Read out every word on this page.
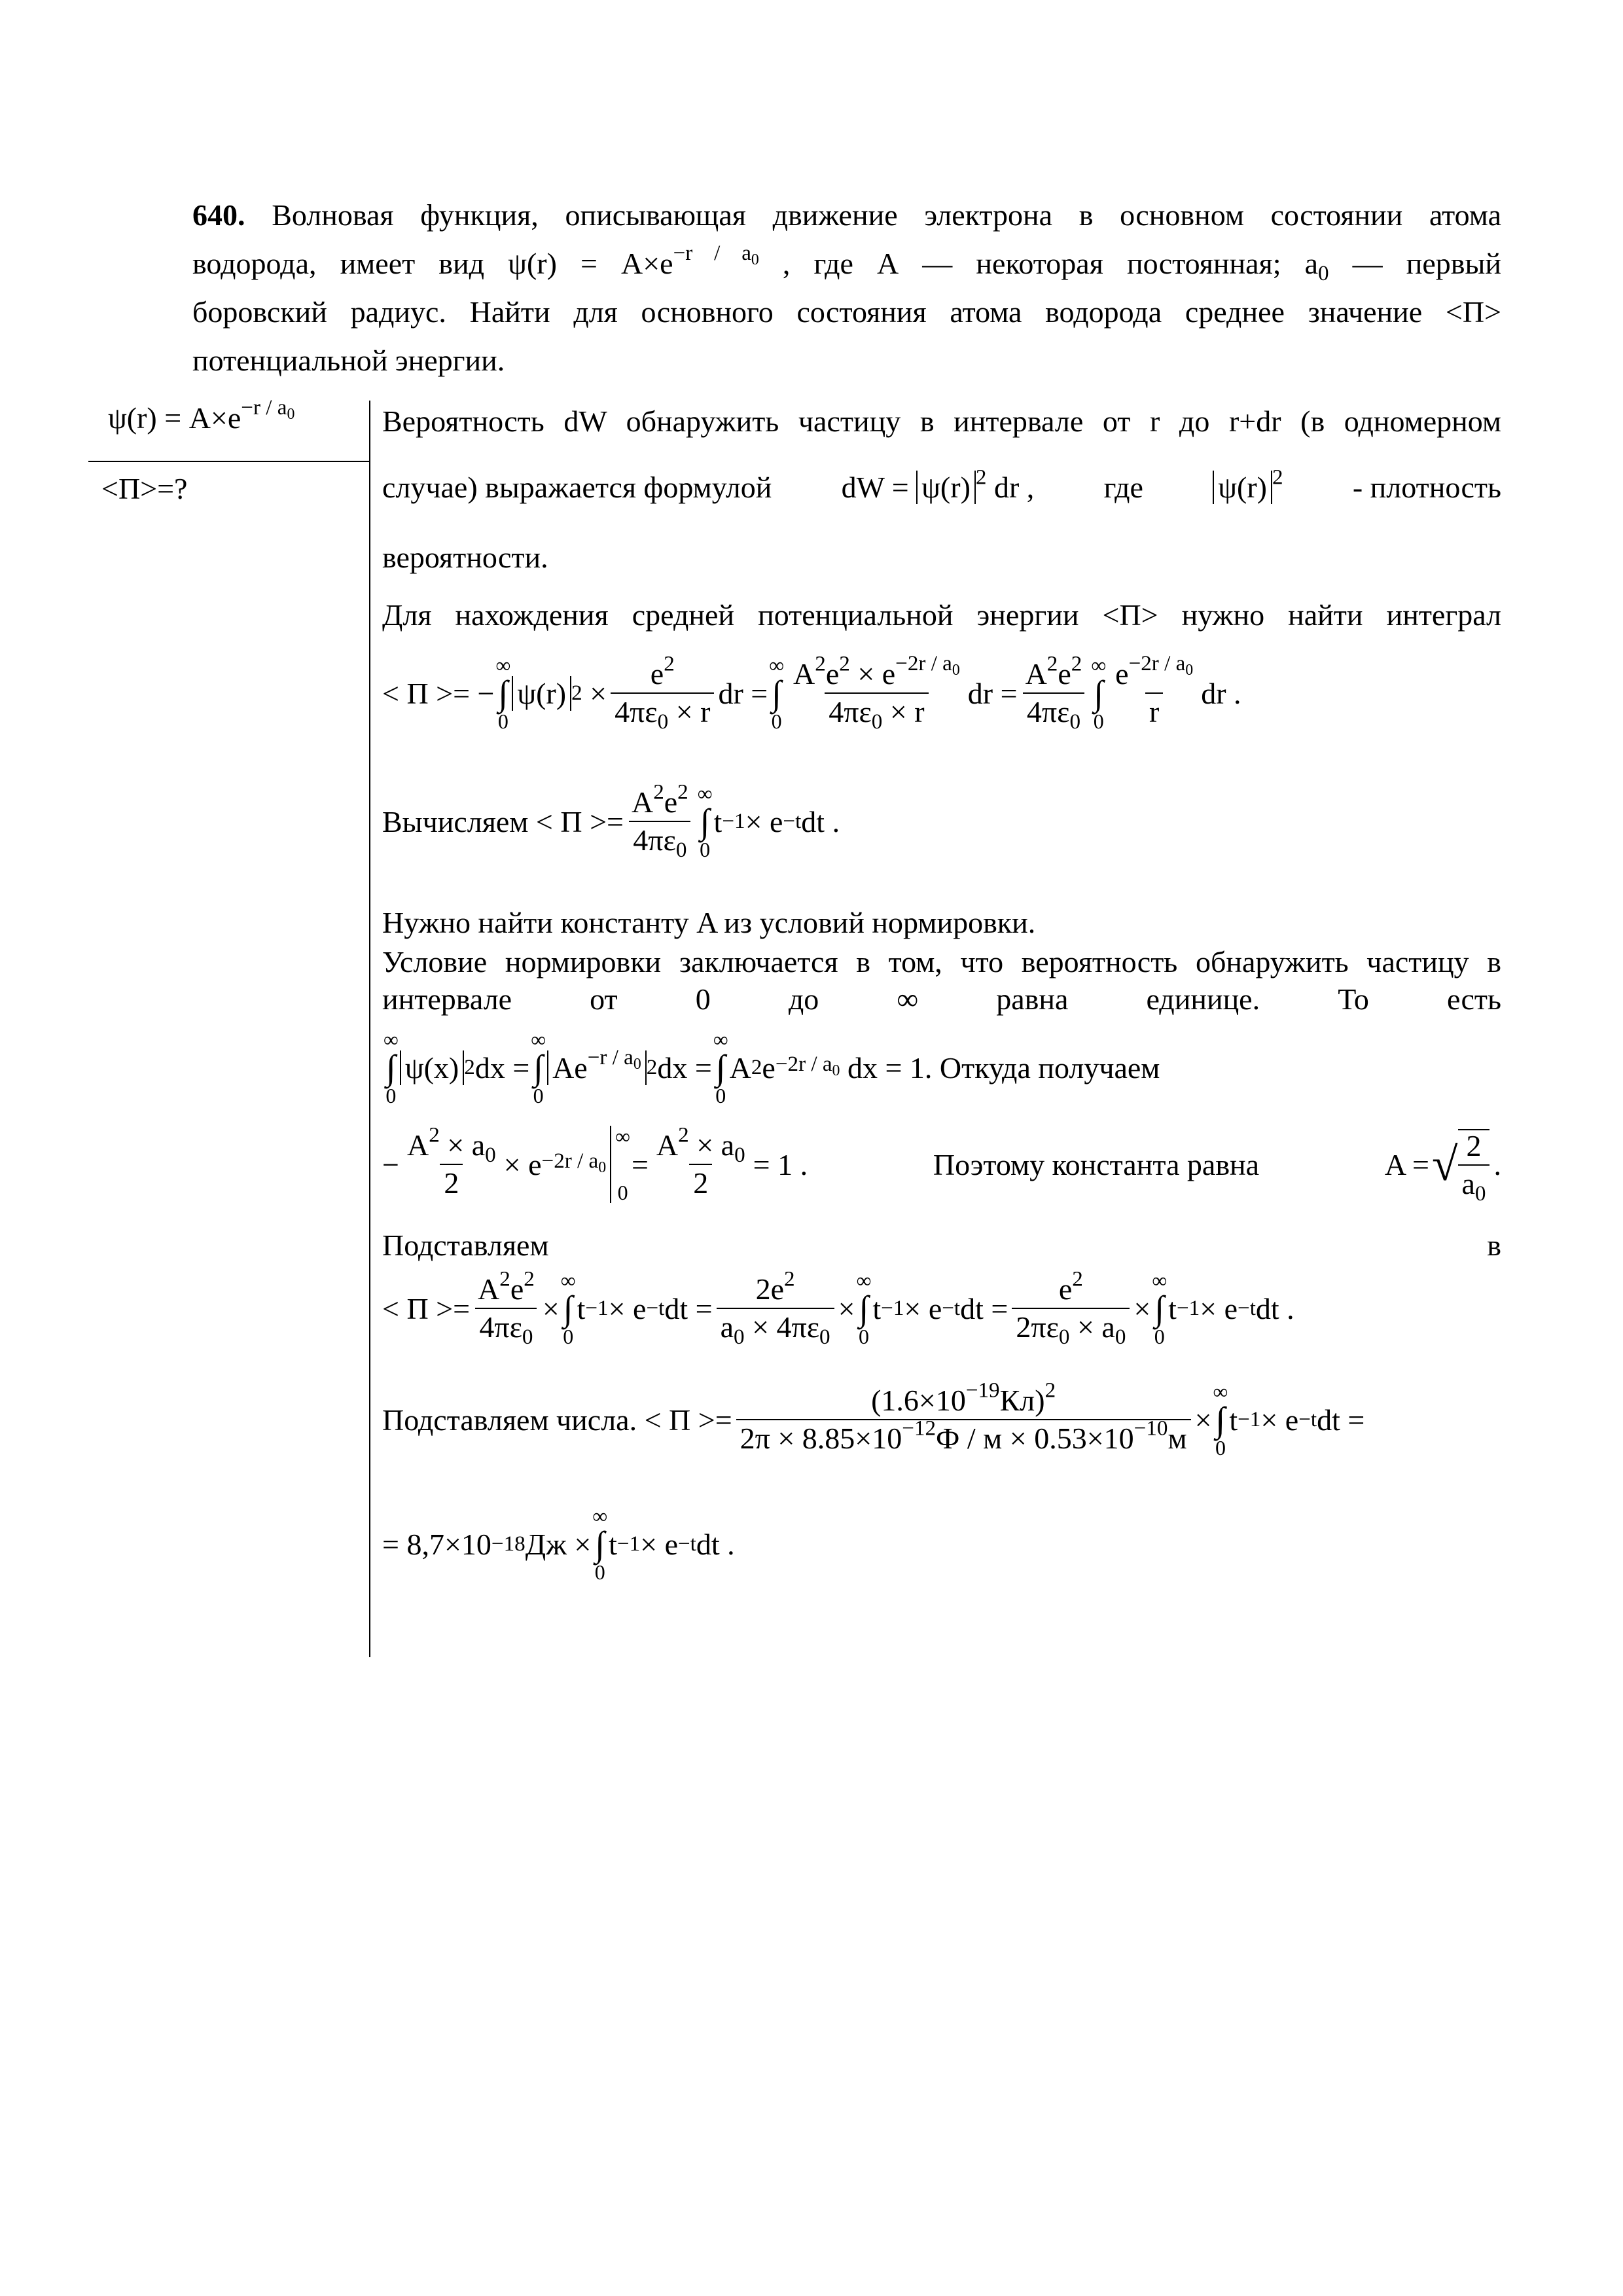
640. Волновая функция, описывающая движение электрона в основном состоянии атома
водорода, имеет вид $\psi(r) = A\times e^{-r / a_0}$ , где А — некоторая постоянная; $a_0$ — первый
боровский радиус. Найти для основного состояния атома водорода среднее значение <П>
потенциальной энергии.
$\psi(r) = A\times e^{-r / a_0}$
<П>=?
Вероятность dW обнаружить частицу в интервале от r до r+dr (в одномерном
случае) выражается формулой dW = ψ(r) $^2$ dr , где ψ(r) $^2$ - плотность
вероятности.
Для нахождения средней потенциальной энергии <П> нужно найти интеграл
< П >= −
∞
∫
0
ψ(r) $2 \times \frac{e^2}{4\pi\varepsilon_0 \times r}$ dr =
∞
∫
$0 \frac{A^2e^2 \times e^{-2r / a_0}}{4\pi\varepsilon_0 \times r}$ dr = $\frac{A^2e^2}{4\pi\varepsilon_0}$ ∞
∫
$0 \frac{e^{-2r / a_0}}{r}$ dr .
Вычисляем < $П >= \frac{A^2e^2}{4\pi\varepsilon_0}$ ∞
∫
0
t −1 × e −t dt .
Нужно найти константу A из условий нормировки.
Условие нормировки заключается в том, что вероятность обнаружить частицу в
интервале	от	0	до	∞	равна	единице.	То	есть
∞
∫
0
ψ(x) 2 dx =
∞
∫
0
$Ae^{-r / a_0}$ 2 dx =
∞
∫
0
A 2 $e -2r / a_0$ dx = 1 . Откуда получаем
− $\frac{A^2 \times a_0}{2} \times e -2r / a_0$
∞

0
= $\frac{A^2 \times a_0}{2} = 1$ .	Поэтому константа равна	A = √ $\frac{2}{a_0}$ .
Подставляем	в
< $П >= \frac{A^2e^2}{4\pi\varepsilon_0}$ ×
∞
∫
0
t −1 × e −t dt = $\frac{2e^2}{a_0 \times 4\pi\varepsilon_0}$ ×
∞
∫
0
t −1 × e −t dt = $\frac{e^2}{2\pi\varepsilon_0 \times a_0}$ ×
∞
∫
0
t −1 × e −t dt .
Подставляем числа. < $П >= \frac{(1.6\times 10^{-19}Кл)^2}{2\pi \times 8.85\times 10^{-12}Ф / м \times 0.53\times 10^{-10}м}$ ×
∞
∫
0
t −1 × e −t dt =
= 8,7×10 −18 Дж ×
∞
∫
0
t −1 × e −t dt .
